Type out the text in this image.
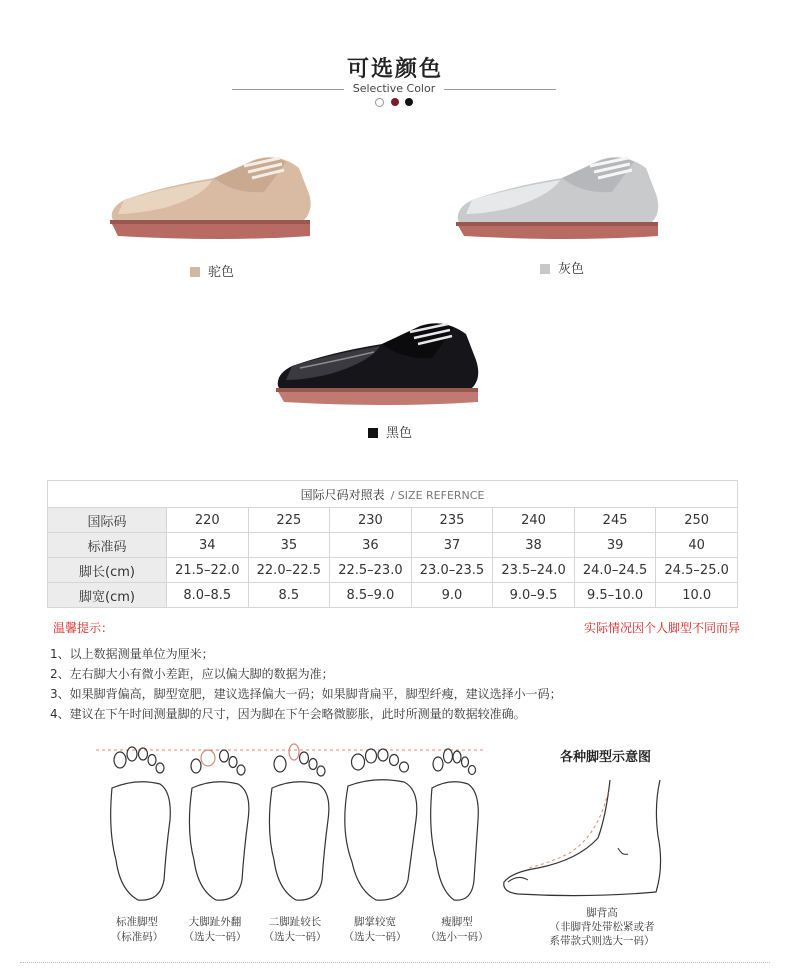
可选颜色
Selective Color
驼色	灰色
黑色
国际尺码对照表 / SIZE REFERNCE							
国际码	220	225	230	235	240	245	250
标准码	34	35	36	37	38	39	40
脚长(cm)	21.5–22.0	22.0–22.5	22.5–23.0	23.0–23.5	23.5–24.0	24.0–24.5	24.5–25.0
脚宽(cm)	8.0–8.5	8.5	8.5–9.0	9.0	9.0–9.5	9.5–10.0	10.0
温馨提示：	实际情况因个人脚型不同而异
1、以上数据测量单位为厘米；
2、左右脚大小有微小差距，应以偏大脚的数据为准；
3、如果脚背偏高，脚型宽肥，建议选择偏大一码；如果脚背扁平，脚型纤瘦，建议选择小一码；
4、建议在下午时间测量脚的尺寸，因为脚在下午会略微膨胀，此时所测量的数据较准确。
标准脚型
（标准码）
大脚趾外翻
（选大一码）
二脚趾较长
（选大一码）
脚掌较宽
（选大一码）
瘦脚型
（选小一码）
各种脚型示意图
脚背高
（非脚背处带松紧或者
系带款式则选大一码）
